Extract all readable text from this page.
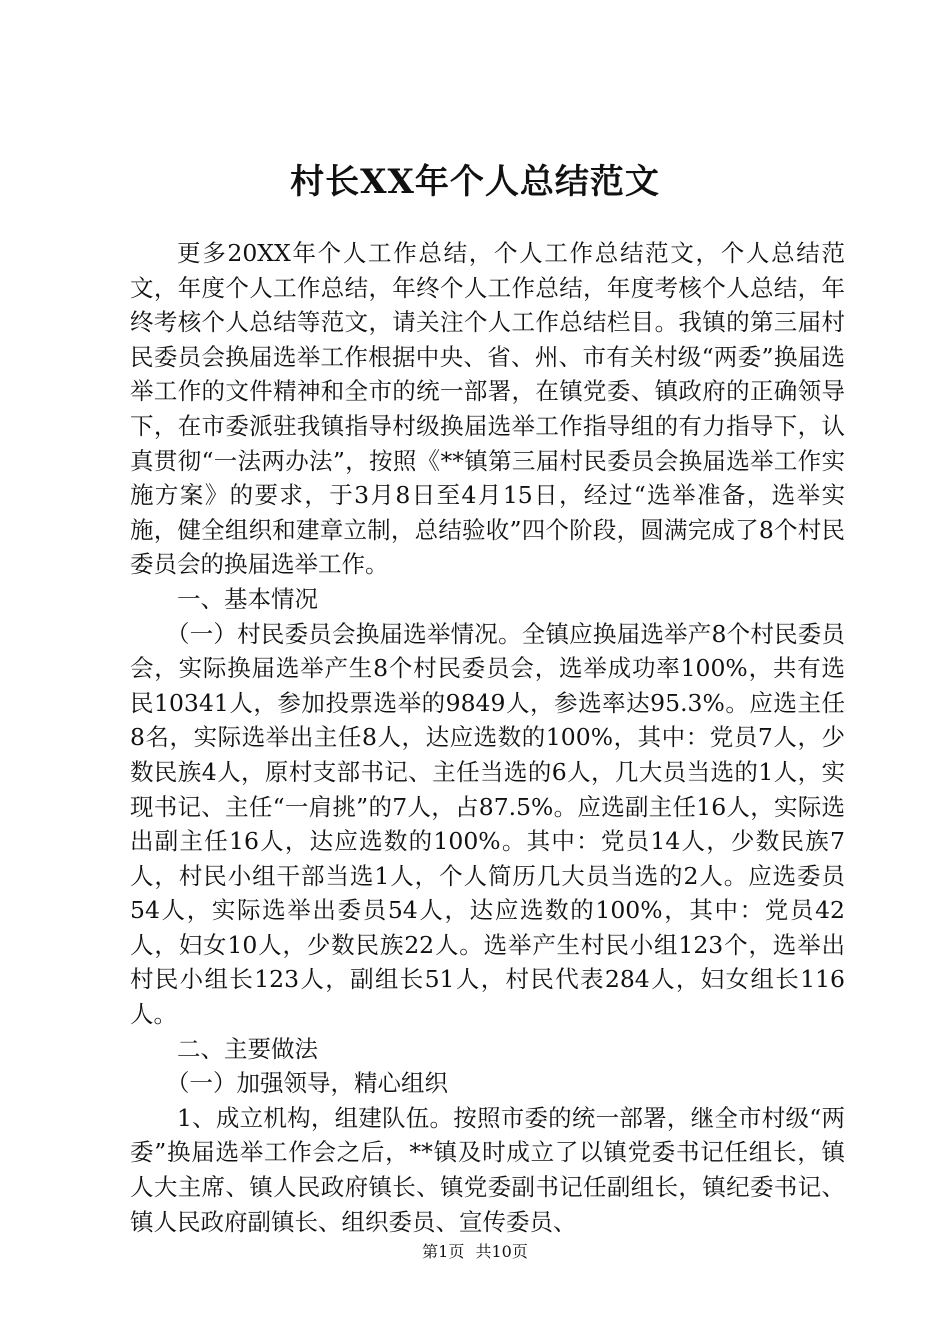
村长XX年个人总结范文

更多20XX年个人工作总结，个人工作总结范文，个人总结范文，年度个人工作总结，年终个人工作总结，年度考核个人总结，年终考核个人总结等范文，请关注个人工作总结栏目。我镇的第三届村民委员会换届选举工作根据中央、省、州、市有关村级“两委”换届选举工作的文件精神和全市的统一部署，在镇党委、镇政府的正确领导下，在市委派驻我镇指导村级换届选举工作指导组的有力指导下，认真贯彻“一法两办法”，按照《**镇第三届村民委员会换届选举工作实施方案》的要求，于3月8日至4月15日，经过“选举准备，选举实施，健全组织和建章立制，总结验收”四个阶段，圆满完成了8个村民委员会的换届选举工作。

一、基本情况

（一）村民委员会换届选举情况。全镇应换届选举产8个村民委员会，实际换届选举产生8个村民委员会，选举成功率100%，共有选民10341人，参加投票选举的9849人，参选率达95.3%。应选主任8名，实际选举出主任8人，达应选数的100%，其中：党员7人，少数民族4人，原村支部书记、主任当选的6人，几大员当选的1人，实现书记、主任“一肩挑”的7人，占87.5%。应选副主任16人，实际选出副主任16人，达应选数的100%。其中：党员14人，少数民族7人，村民小组干部当选1人，个人简历几大员当选的2人。应选委员54人，实际选举出委员54人，达应选数的100%，其中：党员42人，妇女10人，少数民族22人。选举产生村民小组123个，选举出村民小组长123人，副组长51人，村民代表284人，妇女组长116人。

二、主要做法

（一）加强领导，精心组织

1、成立机构，组建队伍。按照市委的统一部署，继全市村级“两委”换届选举工作会之后，**镇及时成立了以镇党委书记任组长，镇人大主席、镇人民政府镇长、镇党委副书记任副组长，镇纪委书记、镇人民政府副镇长、组织委员、宣传委员、

第1页 共10页
